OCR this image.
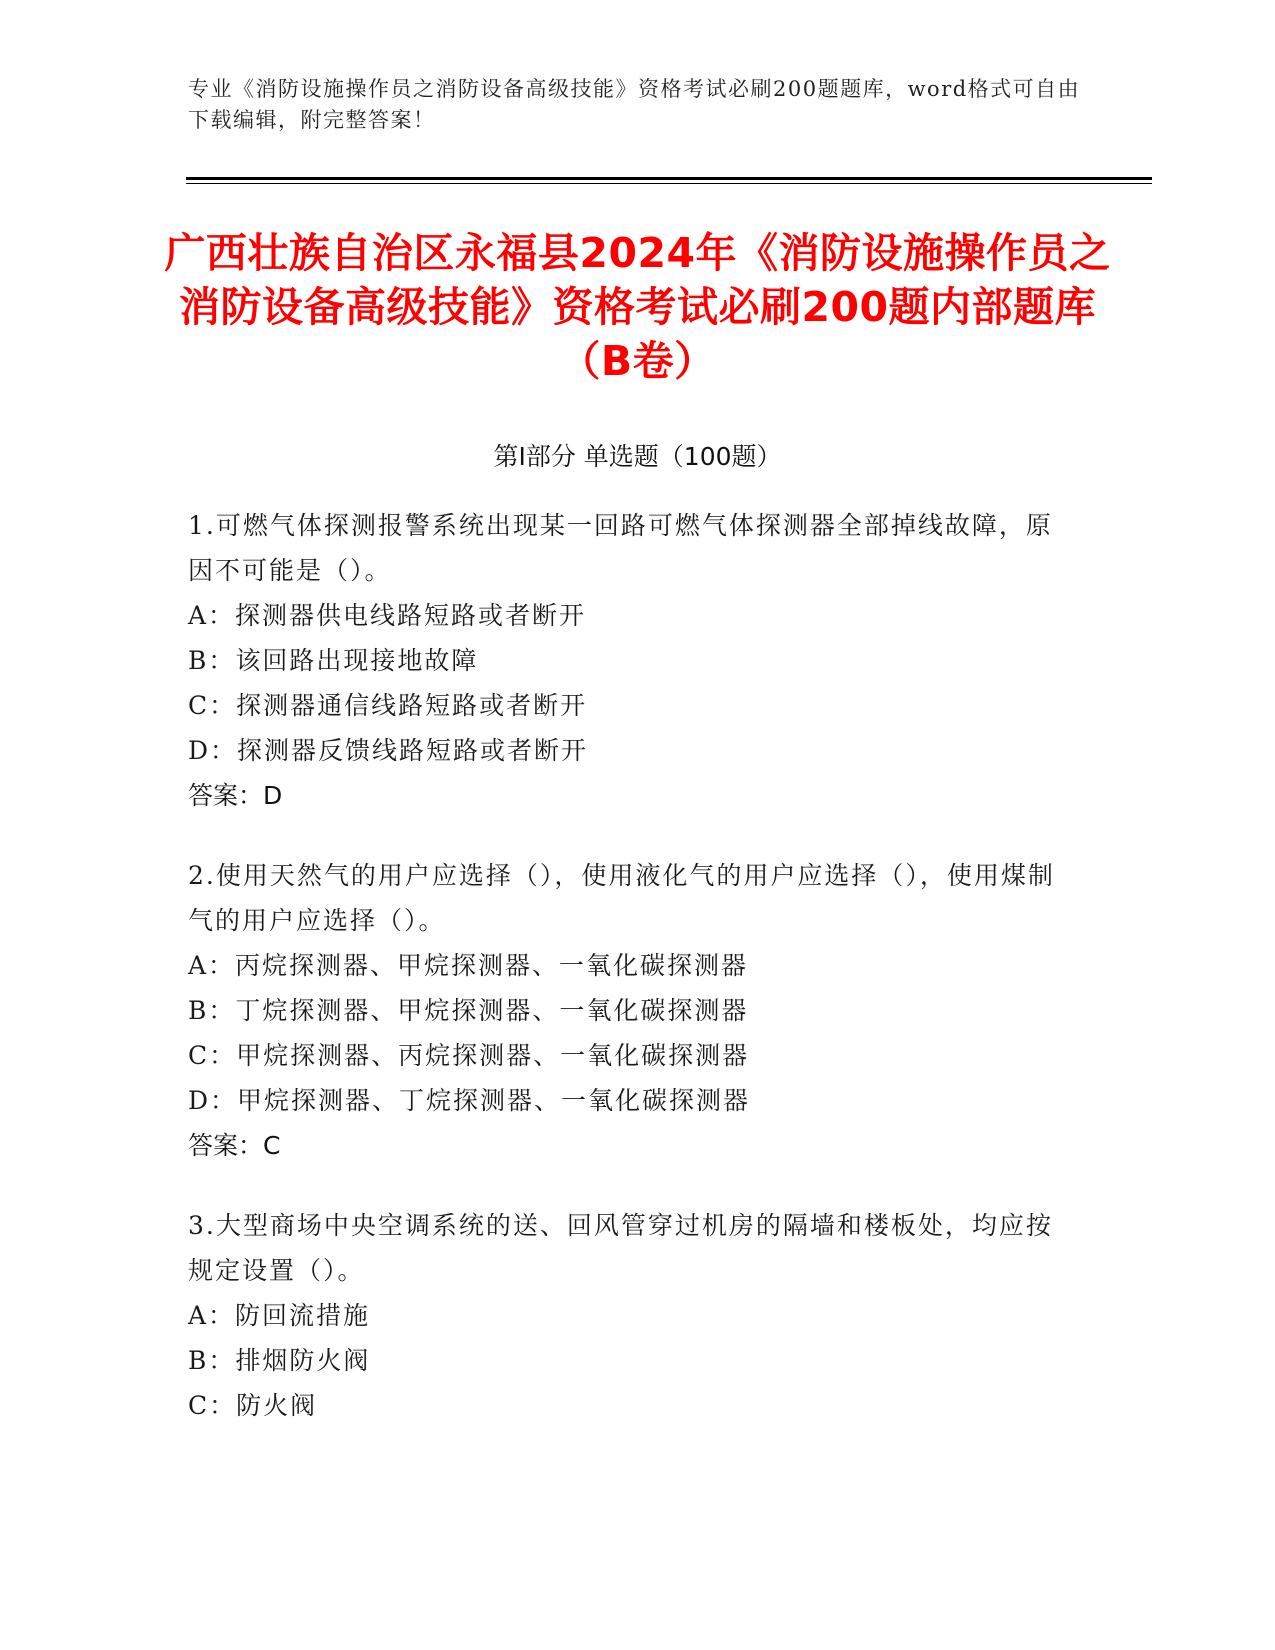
专业《消防设施操作员之消防设备高级技能》资格考试必刷200题题库，word格式可自由下载编辑，附完整答案！
广西壮族自治区永福县2024年《消防设施操作员之消防设备高级技能》资格考试必刷200题内部题库（B卷）
第Ⅰ部分 单选题（100题）
1.可燃气体探测报警系统出现某一回路可燃气体探测器全部掉线故障，原因不可能是（）。
A：探测器供电线路短路或者断开
B：该回路出现接地故障
C：探测器通信线路短路或者断开
D：探测器反馈线路短路或者断开
答案：D
2.使用天然气的用户应选择（），使用液化气的用户应选择（），使用煤制气的用户应选择（）。
A：丙烷探测器、甲烷探测器、一氧化碳探测器
B：丁烷探测器、甲烷探测器、一氧化碳探测器
C：甲烷探测器、丙烷探测器、一氧化碳探测器
D：甲烷探测器、丁烷探测器、一氧化碳探测器
答案：C
3.大型商场中央空调系统的送、回风管穿过机房的隔墙和楼板处，均应按规定设置（）。
A：防回流措施
B：排烟防火阀
C：防火阀
